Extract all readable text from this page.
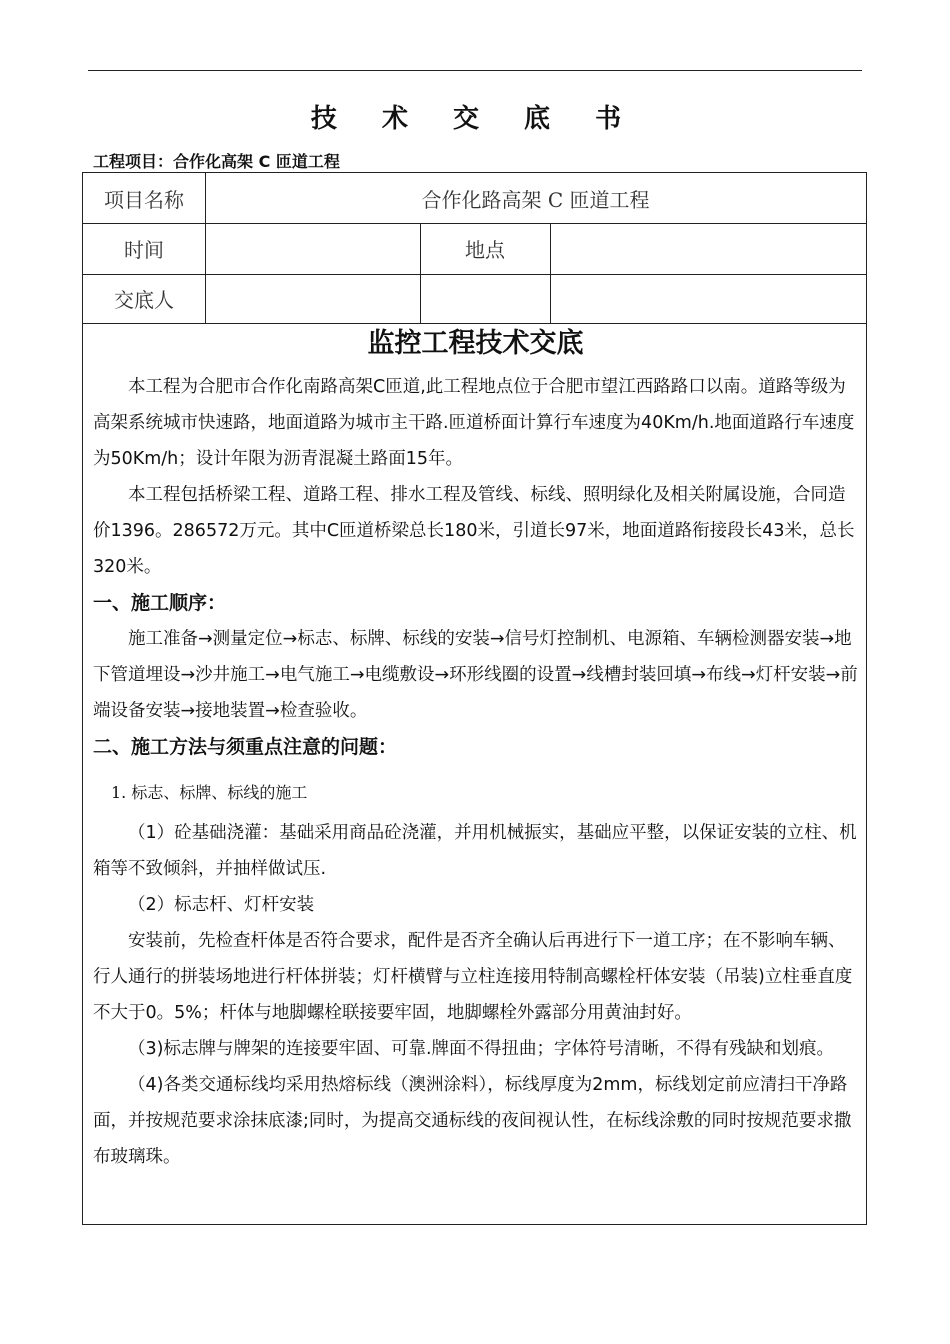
技 术 交 底 书
工程项目：合作化高架 C 匝道工程
项目名称	合作化路高架 C 匝道工程
时间	地点
交底人
监控工程技术交底

本工程为合肥市合作化南路高架C匝道,此工程地点位于合肥市望江西路路口以南。道路等级为高架系统城市快速路，地面道路为城市主干路.匝道桥面计算行车速度为40Km/h.地面道路行车速度为50Km/h；设计年限为沥青混凝土路面15年。

本工程包括桥梁工程、道路工程、排水工程及管线、标线、照明绿化及相关附属设施，合同造价1396。286572万元。其中C匝道桥梁总长180米，引道长97米，地面道路衔接段长43米，总长320米。

一、施工顺序：

施工准备→测量定位→标志、标牌、标线的安装→信号灯控制机、电源箱、车辆检测器安装→地下管道埋设→沙井施工→电气施工→电缆敷设→环形线圈的设置→线槽封装回填→布线→灯杆安装→前端设备安装→接地装置→检查验收。

二、施工方法与须重点注意的问题：

1. 标志、标牌、标线的施工

（1）砼基础浇灌：基础采用商品砼浇灌，并用机械振实，基础应平整，以保证安装的立柱、机箱等不致倾斜，并抽样做试压.

（2）标志杆、灯杆安装

安装前，先检查杆体是否符合要求，配件是否齐全确认后再进行下一道工序；在不影响车辆、行人通行的拼装场地进行杆体拼装；灯杆横臂与立柱连接用特制高螺栓杆体安装（吊装)立柱垂直度不大于0。5%；杆体与地脚螺栓联接要牢固，地脚螺栓外露部分用黄油封好。

（3)标志牌与牌架的连接要牢固、可靠.牌面不得扭曲；字体符号清晰，不得有残缺和划痕。

（4)各类交通标线均采用热熔标线（澳洲涂料），标线厚度为2mm，标线划定前应清扫干净路面，并按规范要求涂抹底漆;同时，为提高交通标线的夜间视认性，在标线涂敷的同时按规范要求撒布玻璃珠。
